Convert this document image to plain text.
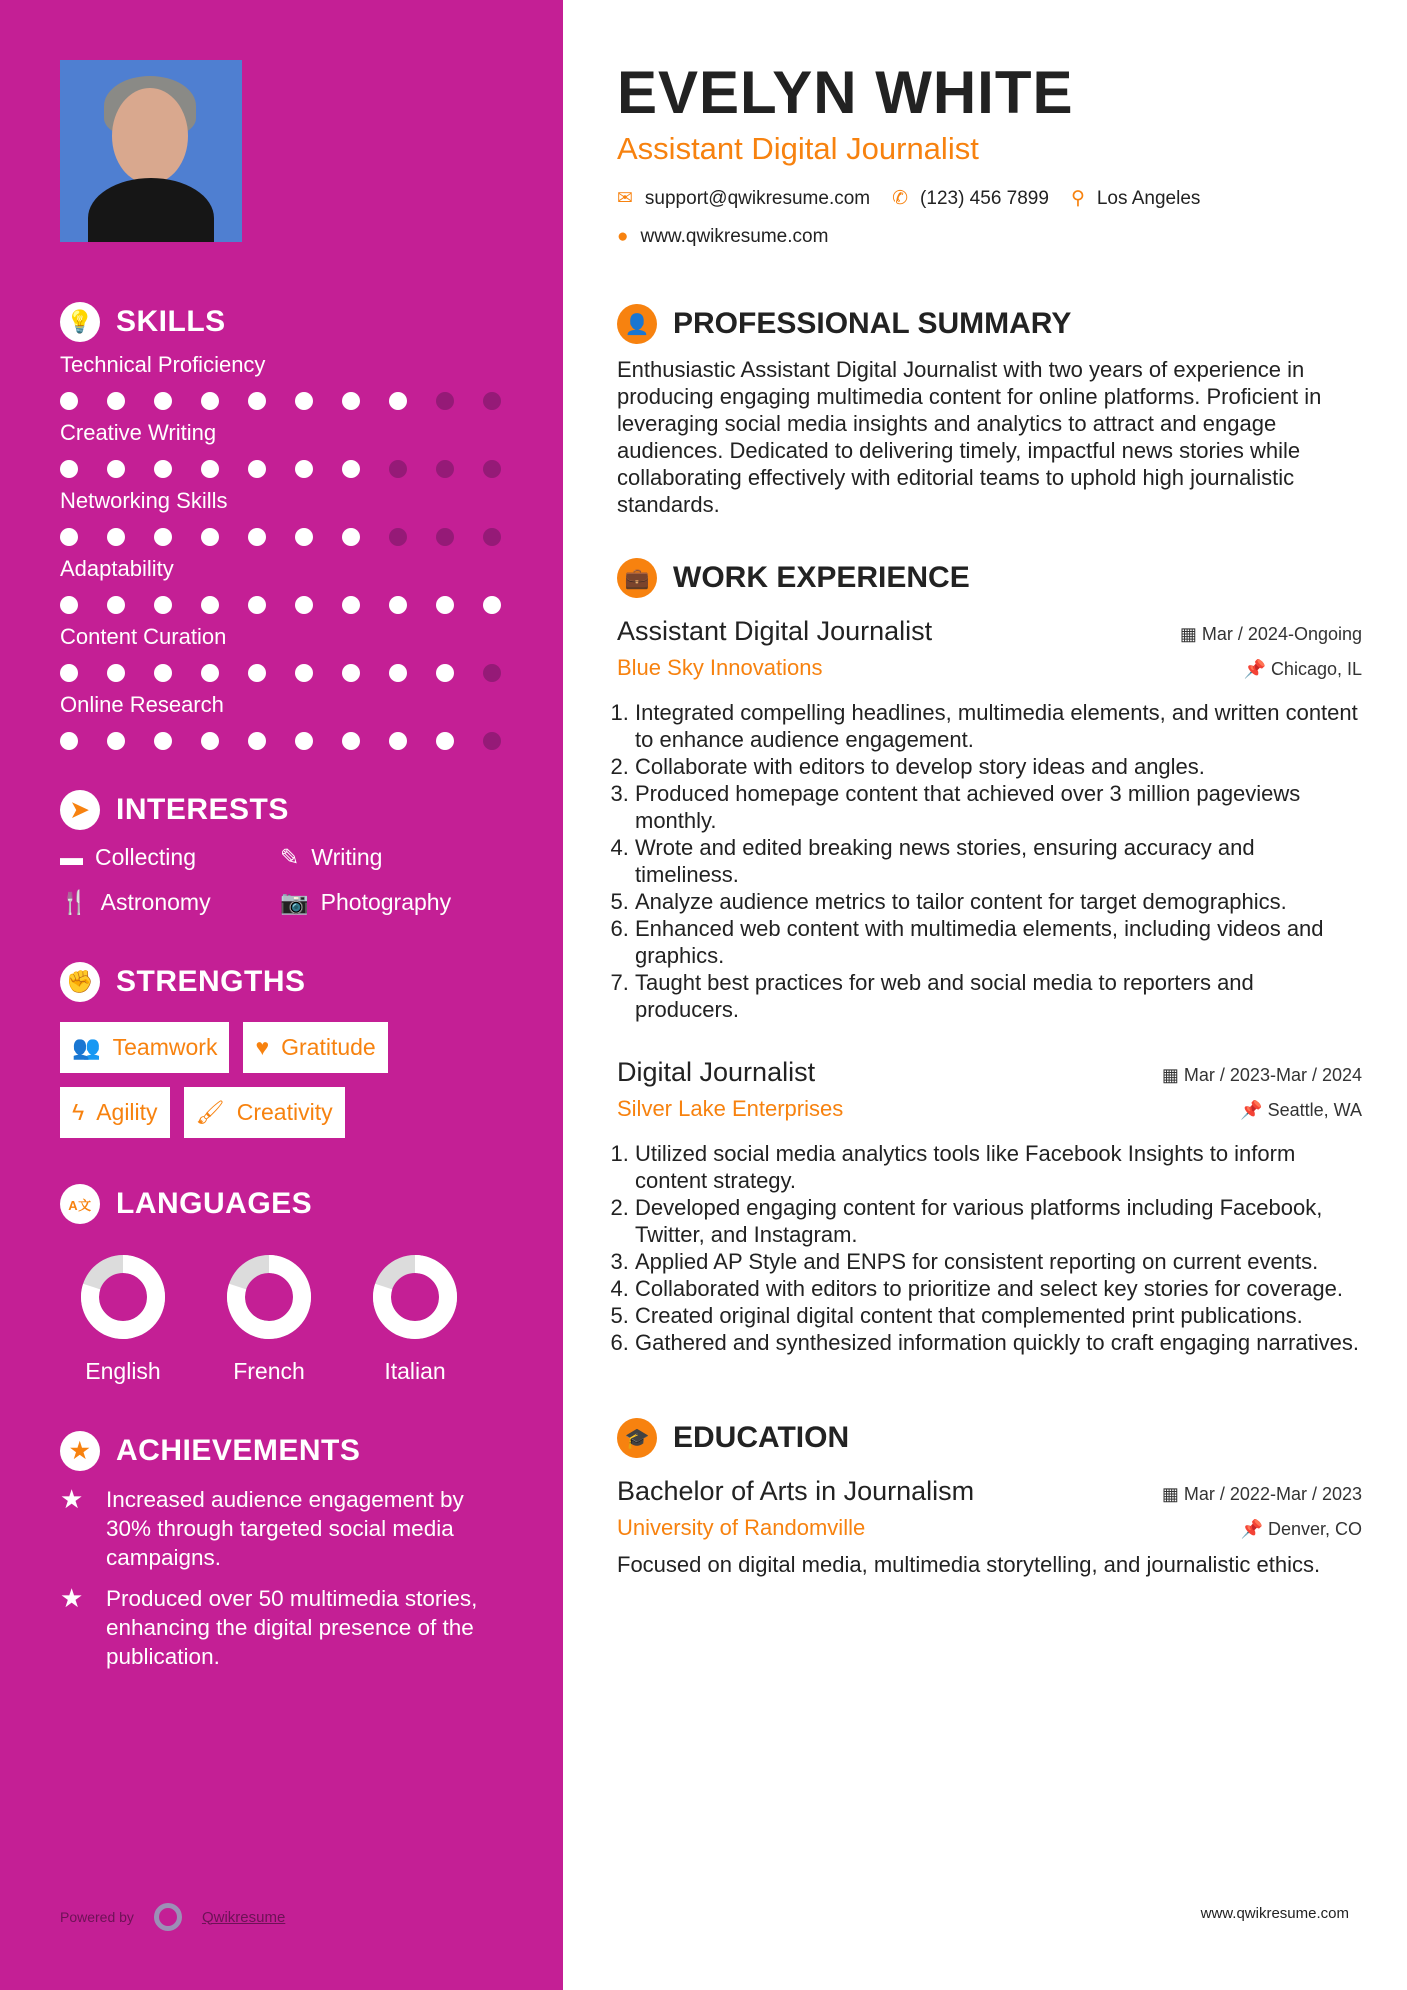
💡 SKILLS
Technical Proficiency
Creative Writing
Networking Skills
Adaptability
Content Curation
Online Research
➤ INTERESTS
▬ Collecting	✎ Writing
🍴 Astronomy	📷 Photography
✊ STRENGTHS
👥 Teamwork ♥ Gratitude
ϟ Agility 🖌 Creativity
A文 LANGUAGES
English	French	Italian
★ ACHIEVEMENTS
★	Increased audience engagement by 30% through targeted social media campaigns.
★	Produced over 50 multimedia stories, enhancing the digital presence of the publication.
Powered by	Qwikresume	www.qwikresume.com
EVELYN WHITE
Assistant Digital Journalist
✉ support@qwikresume.com ✆ (123) 456 7899 ⚲ Los Angeles
● www.qwikresume.com
👤 PROFESSIONAL SUMMARY
Enthusiastic Assistant Digital Journalist with two years of experience in producing engaging multimedia content for online platforms. Proficient in leveraging social media insights and analytics to attract and engage audiences. Dedicated to delivering timely, impactful news stories while collaborating effectively with editorial teams to uphold high journalistic standards.
💼 WORK EXPERIENCE
Assistant Digital Journalist	▦ Mar / 2024-Ongoing
Blue Sky Innovations	📌 Chicago, IL
1. Integrated compelling headlines, multimedia elements, and written content to enhance audience engagement.
2. Collaborate with editors to develop story ideas and angles.
3. Produced homepage content that achieved over 3 million pageviews monthly.
4. Wrote and edited breaking news stories, ensuring accuracy and timeliness.
5. Analyze audience metrics to tailor content for target demographics.
6. Enhanced web content with multimedia elements, including videos and graphics.
7. Taught best practices for web and social media to reporters and producers.
Digital Journalist	▦ Mar / 2023-Mar / 2024
Silver Lake Enterprises	📌 Seattle, WA
1. Utilized social media analytics tools like Facebook Insights to inform content strategy.
2. Developed engaging content for various platforms including Facebook, Twitter, and Instagram.
3. Applied AP Style and ENPS for consistent reporting on current events.
4. Collaborated with editors to prioritize and select key stories for coverage.
5. Created original digital content that complemented print publications.
6. Gathered and synthesized information quickly to craft engaging narratives.
🎓 EDUCATION
Bachelor of Arts in Journalism	▦ Mar / 2022-Mar / 2023
University of Randomville	📌 Denver, CO
Focused on digital media, multimedia storytelling, and journalistic ethics.
